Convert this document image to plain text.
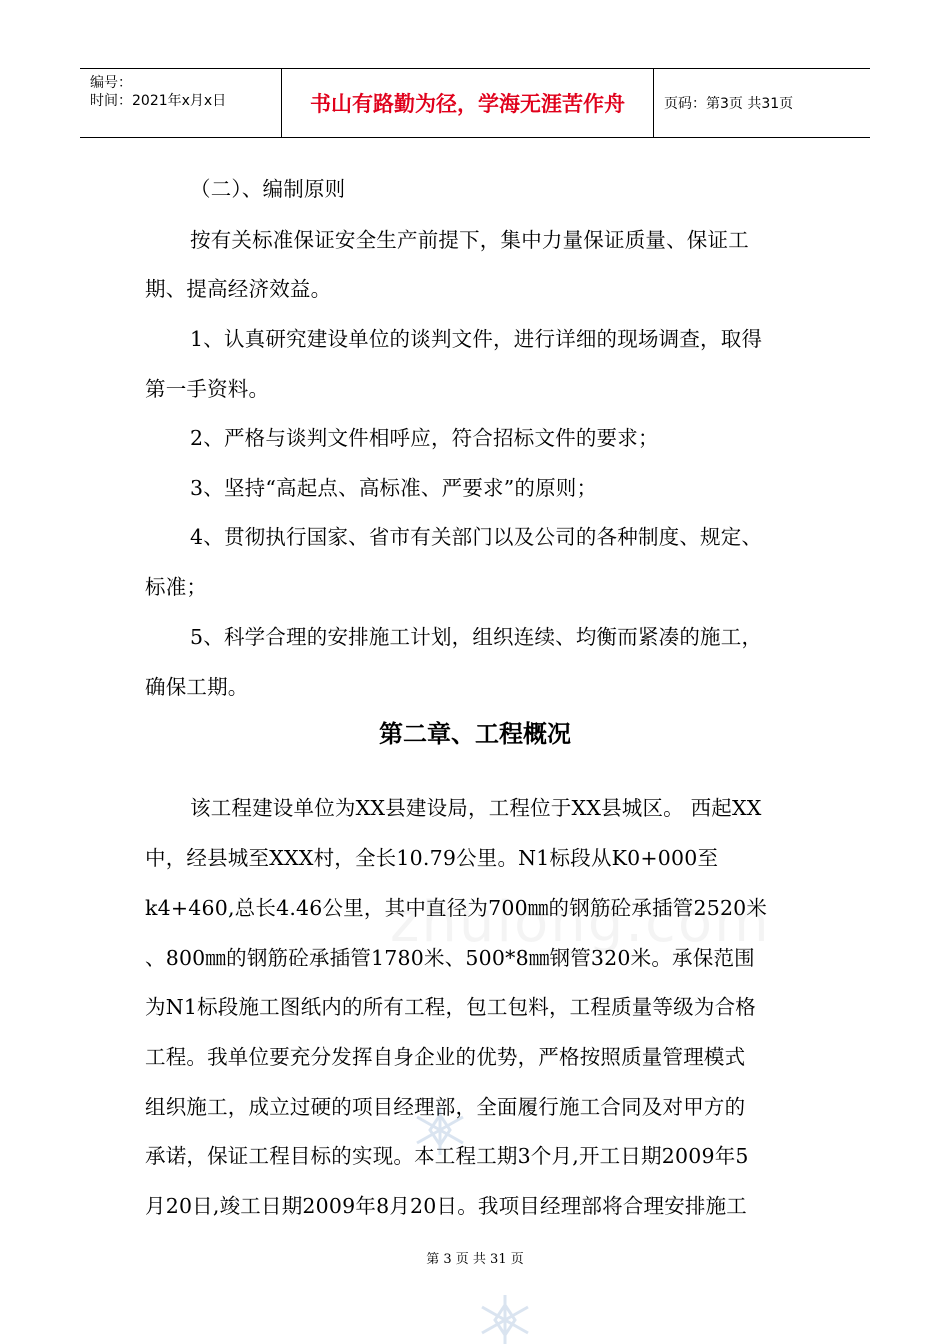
编号：
时间：2021年x月x日	书山有路勤为径，学海无涯苦作舟	页码：第3页 共31页
（二）、编制原则
按有关标准保证安全生产前提下，集中力量保证质量、保证工
期、提高经济效益。
1、认真研究建设单位的谈判文件，进行详细的现场调查，取得
第一手资料。
2、严格与谈判文件相呼应，符合招标文件的要求；
3、坚持“高起点、高标准、严要求”的原则；
4、贯彻执行国家、省市有关部门以及公司的各种制度、规定、
标准；
5、科学合理的安排施工计划，组织连续、均衡而紧凑的施工，
确保工期。
第二章、工程概况
该工程建设单位为XX县建设局，工程位于XX县城区。 西起XX
中，经县城至XXX村，全长10.79公里。N1标段从K0+000至
k4+460,总长4.46公里，其中直径为700㎜的钢筋砼承插管2520米
、800㎜的钢筋砼承插管1780米、500*8㎜钢管320米。承保范围
为N1标段施工图纸内的所有工程，包工包料，工程质量等级为合格
工程。我单位要充分发挥自身企业的优势，严格按照质量管理模式
组织施工，成立过硬的项目经理部，全面履行施工合同及对甲方的
承诺，保证工程目标的实现。本工程工期3个月,开工日期2009年5
月20日,竣工日期2009年8月20日。我项目经理部将合理安排施工
第 3 页 共 31 页
